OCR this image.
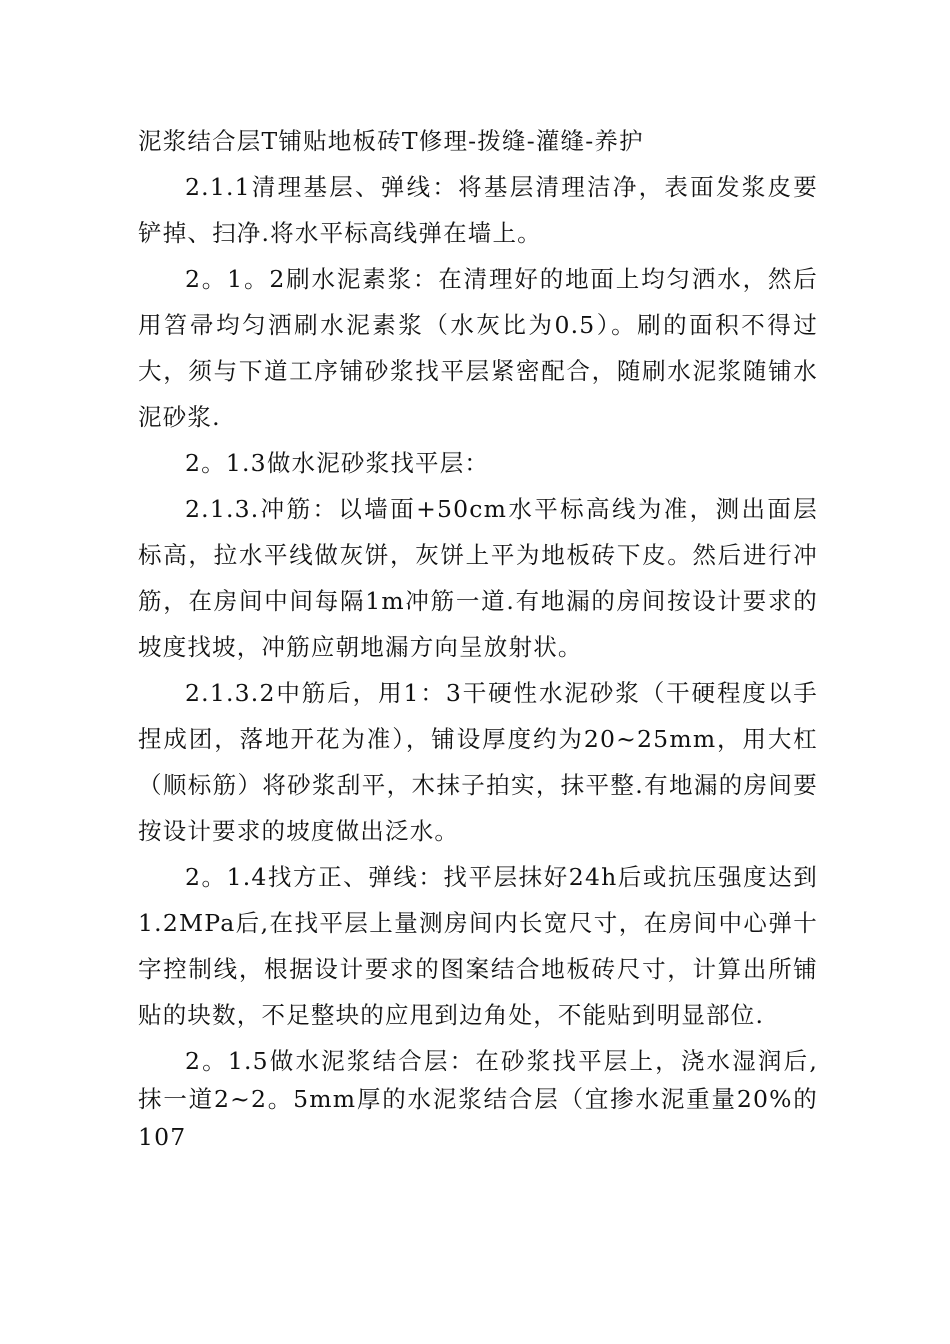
泥浆结合层T铺贴地板砖T修理-拨缝-灌缝-养护

2.1.1清理基层、弹线：将基层清理洁净，表面发浆皮要铲掉、扫净.将水平标高线弹在墙上。

2。1。2刷水泥素浆：在清理好的地面上均匀洒水，然后用笤帚均匀洒刷水泥素浆（水灰比为0.5）。刷的面积不得过大，须与下道工序铺砂浆找平层紧密配合，随刷水泥浆随铺水泥砂浆.

2。1.3做水泥砂浆找平层：

2.1.3.冲筋：以墙面+50cm水平标高线为准，测出面层标高，拉水平线做灰饼，灰饼上平为地板砖下皮。然后进行冲筋，在房间中间每隔1m冲筋一道.有地漏的房间按设计要求的坡度找坡，冲筋应朝地漏方向呈放射状。

2.1.3.2中筋后，用1：3干硬性水泥砂浆（干硬程度以手捏成团，落地开花为准），铺设厚度约为20~25mm，用大杠（顺标筋）将砂浆刮平，木抹子拍实，抹平整.有地漏的房间要按设计要求的坡度做出泛水。

2。1.4找方正、弹线：找平层抹好24h后或抗压强度达到1.2MPa后,在找平层上量测房间内长宽尺寸，在房间中心弹十字控制线，根据设计要求的图案结合地板砖尺寸，计算出所铺贴的块数，不足整块的应甩到边角处，不能贴到明显部位.

2。1.5做水泥浆结合层：在砂浆找平层上，浇水湿润后,抹一道2~2。5mm厚的水泥浆结合层（宜掺水泥重量20%的107
